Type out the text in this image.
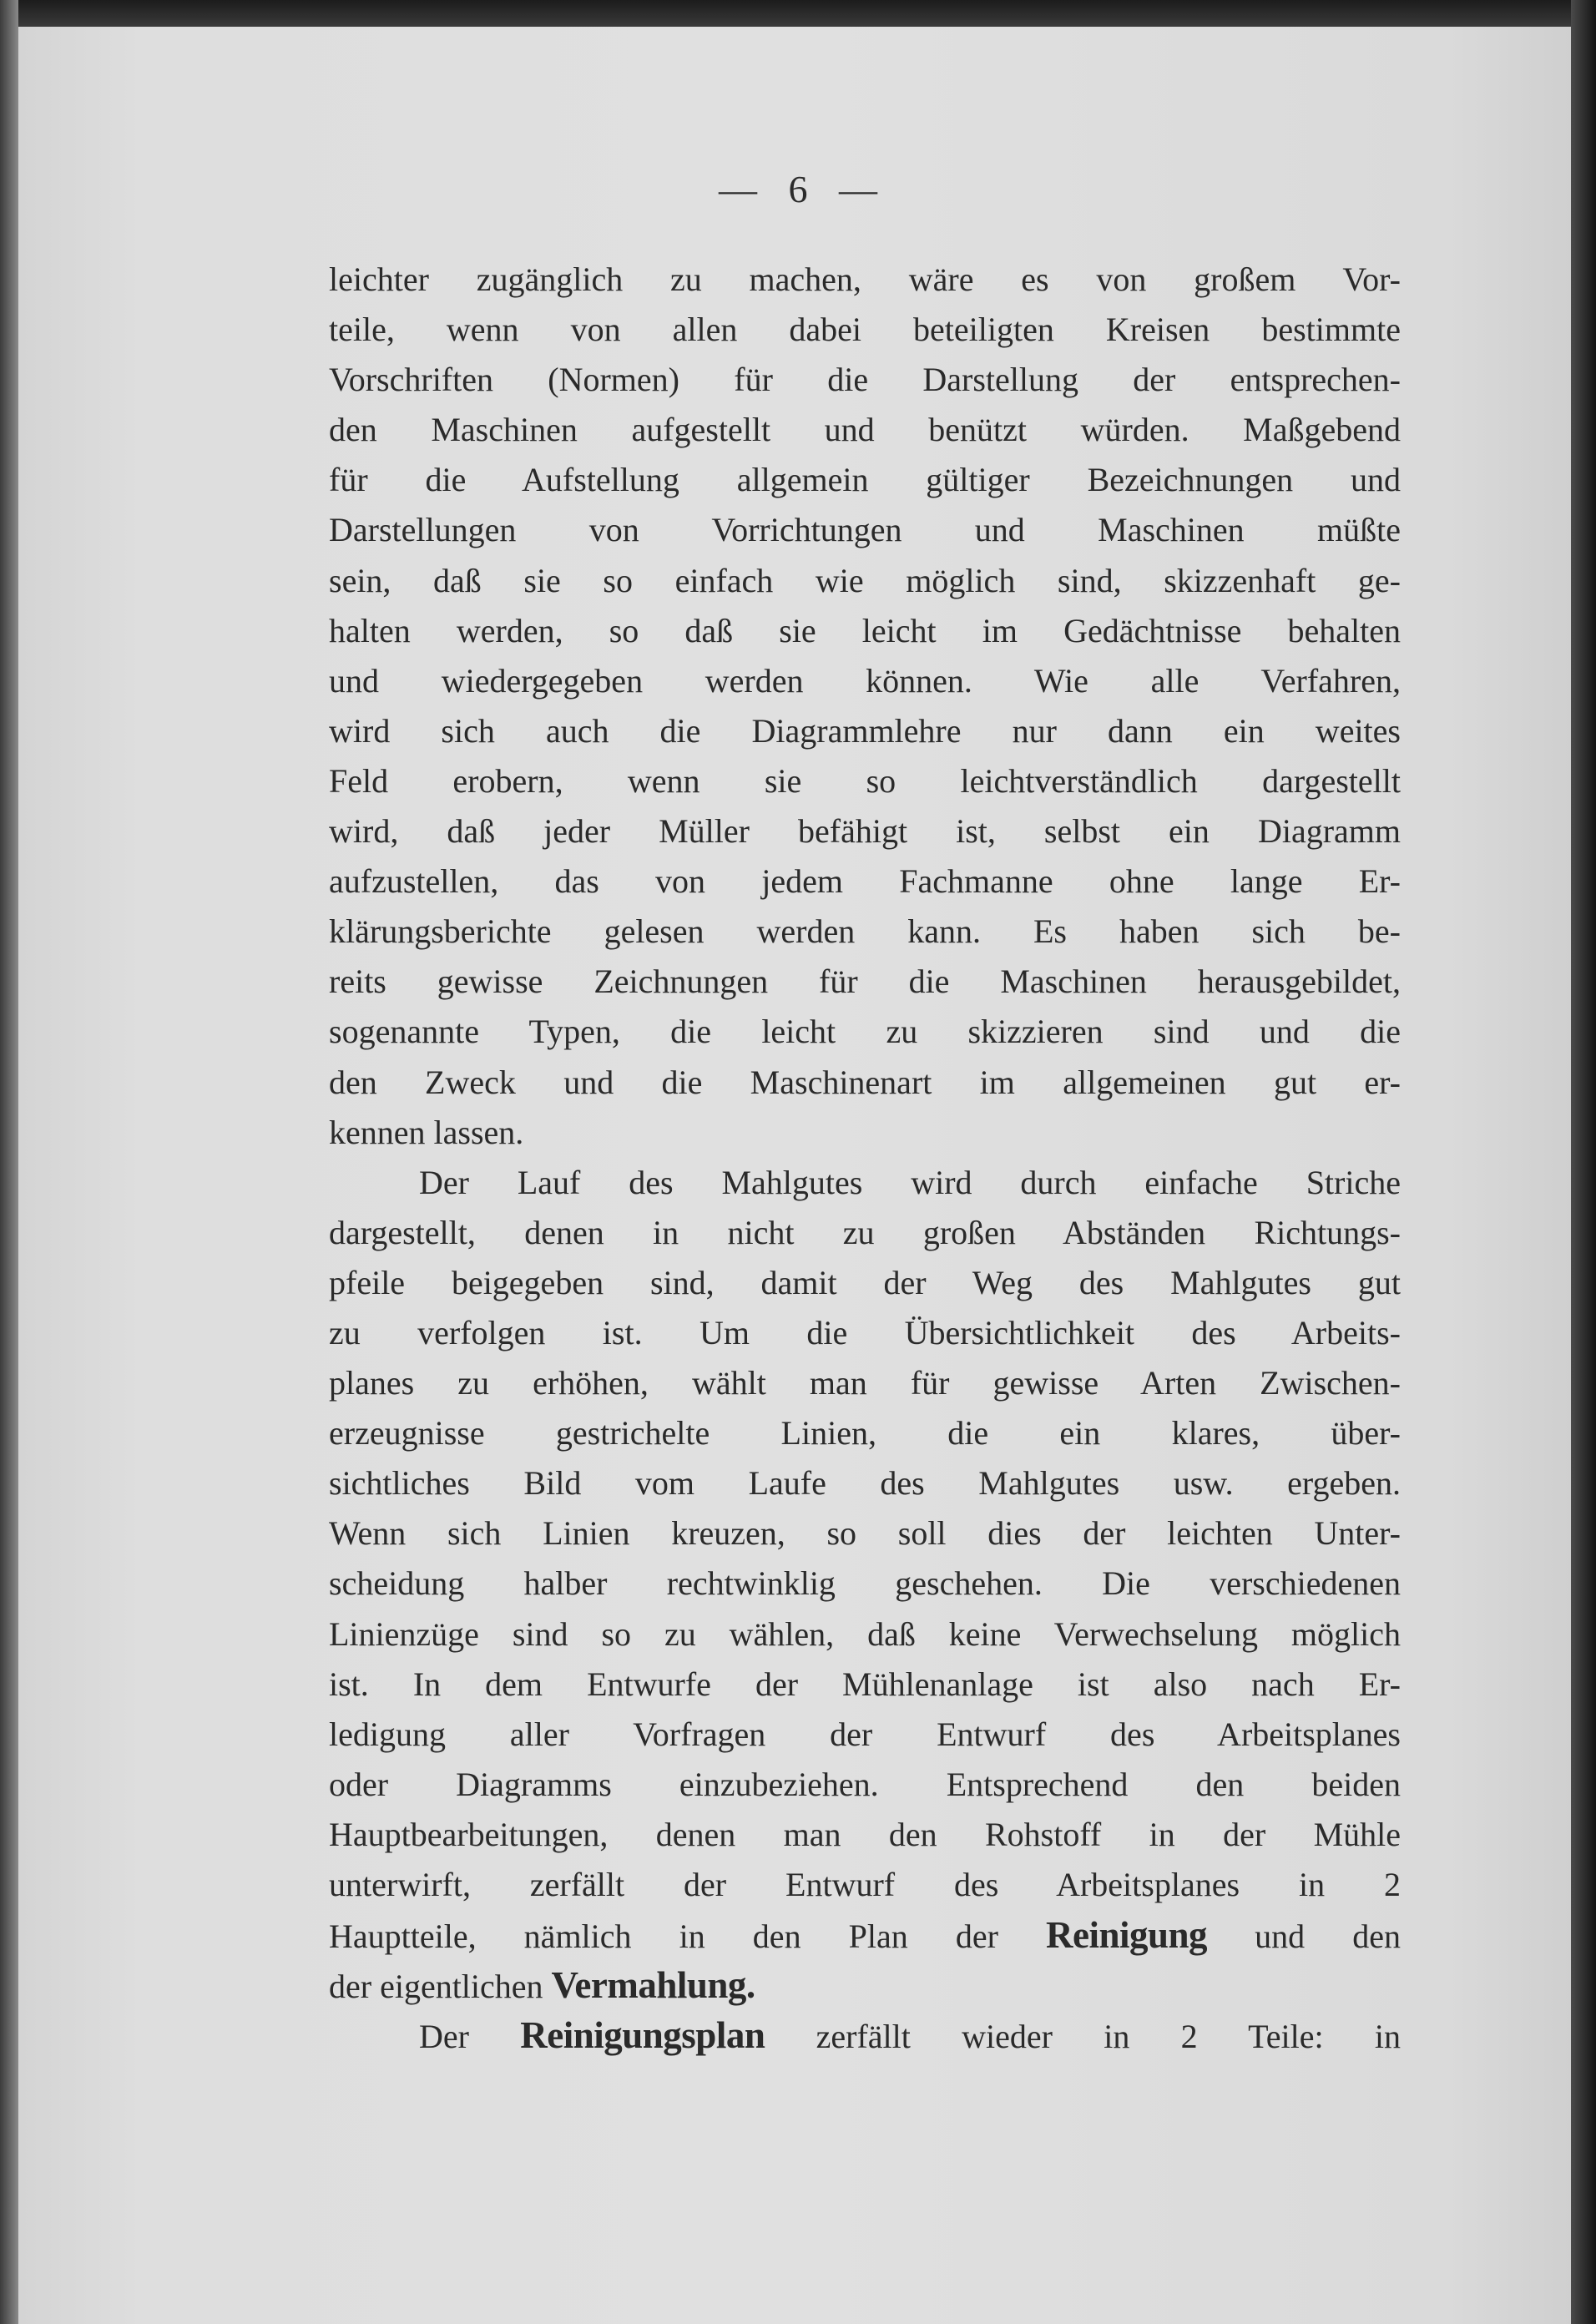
— 6 —
leichter zugänglich zu machen, wäre es von großem Vor-
teile, wenn von allen dabei beteiligten Kreisen bestimmte
Vorschriften (Normen) für die Darstellung der entsprechen-
den Maschinen aufgestellt und benützt würden. Maßgebend
für die Aufstellung allgemein gültiger Bezeichnungen und
Darstellungen von Vorrichtungen und Maschinen müßte
sein, daß sie so einfach wie möglich sind, skizzenhaft ge-
halten werden, so daß sie leicht im Gedächtnisse behalten
und wiedergegeben werden können. Wie alle Verfahren,
wird sich auch die Diagrammlehre nur dann ein weites
Feld erobern, wenn sie so leichtverständlich dargestellt
wird, daß jeder Müller befähigt ist, selbst ein Diagramm
aufzustellen, das von jedem Fachmanne ohne lange Er-
klärungsberichte gelesen werden kann. Es haben sich be-
reits gewisse Zeichnungen für die Maschinen herausgebildet,
sogenannte Typen, die leicht zu skizzieren sind und die
den Zweck und die Maschinenart im allgemeinen gut er-
kennen lassen.
Der Lauf des Mahlgutes wird durch einfache Striche
dargestellt, denen in nicht zu großen Abständen Richtungs-
pfeile beigegeben sind, damit der Weg des Mahlgutes gut
zu verfolgen ist. Um die Übersichtlichkeit des Arbeits-
planes zu erhöhen, wählt man für gewisse Arten Zwischen-
erzeugnisse gestrichelte Linien, die ein klares, über-
sichtliches Bild vom Laufe des Mahlgutes usw. ergeben.
Wenn sich Linien kreuzen, so soll dies der leichten Unter-
scheidung halber rechtwinklig geschehen. Die verschiedenen
Linienzüge sind so zu wählen, daß keine Verwechselung möglich
ist. In dem Entwurfe der Mühlenanlage ist also nach Er-
ledigung aller Vorfragen der Entwurf des Arbeitsplanes
oder Diagramms einzubeziehen. Entsprechend den beiden
Hauptbearbeitungen, denen man den Rohstoff in der Mühle
unterwirft, zerfällt der Entwurf des Arbeitsplanes in 2
Hauptteile, nämlich in den Plan der Reinigung und den
der eigentlichen Vermahlung.
Der Reinigungsplan zerfällt wieder in 2 Teile: in
